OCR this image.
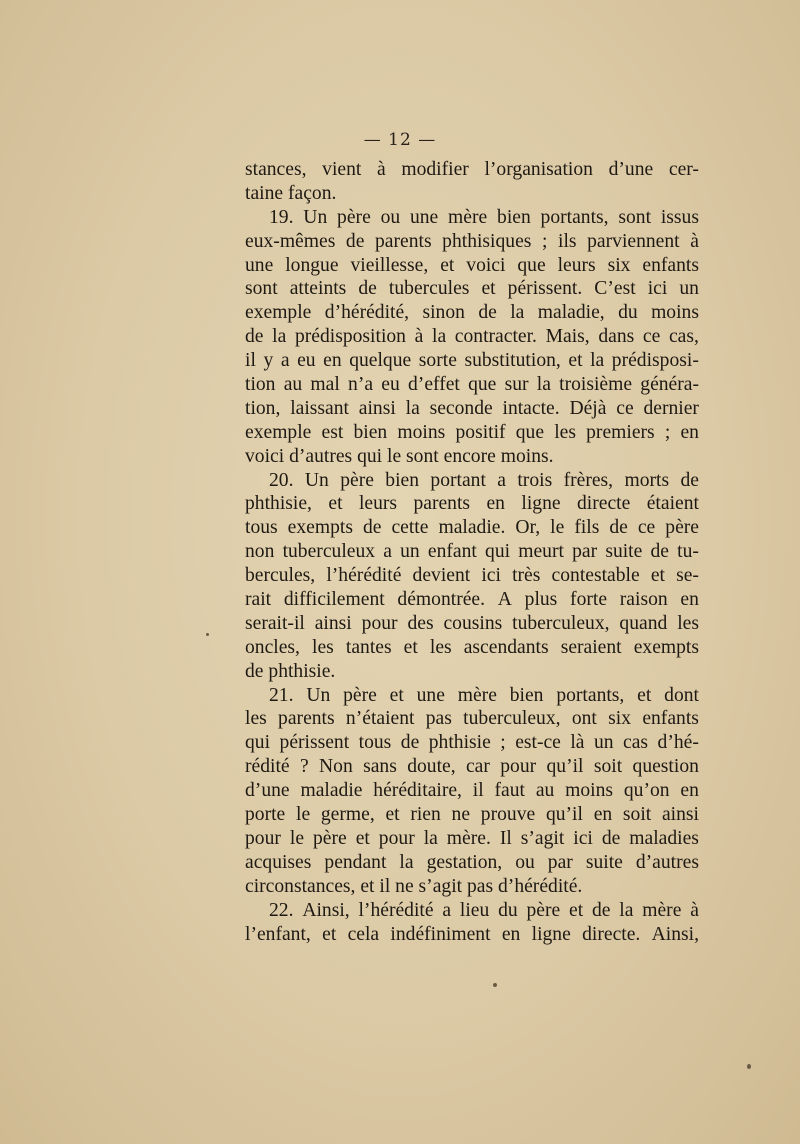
— 12 —
stances, vient à modifier l’organisation d’une cer-
taine façon.
19. Un père ou une mère bien portants, sont issus
eux-mêmes de parents phthisiques ; ils parviennent à
une longue vieillesse, et voici que leurs six enfants
sont atteints de tubercules et périssent. C’est ici un
exemple d’hérédité, sinon de la maladie, du moins
de la prédisposition à la contracter. Mais, dans ce cas,
il y a eu en quelque sorte substitution, et la prédisposi-
tion au mal n’a eu d’effet que sur la troisième généra-
tion, laissant ainsi la seconde intacte. Déjà ce dernier
exemple est bien moins positif que les premiers ; en
voici d’autres qui le sont encore moins.
20. Un père bien portant a trois frères, morts de
phthisie, et leurs parents en ligne directe étaient
tous exempts de cette maladie. Or, le fils de ce père
non tuberculeux a un enfant qui meurt par suite de tu-
bercules, l’hérédité devient ici très contestable et se-
rait difficilement démontrée. A plus forte raison en
serait-il ainsi pour des cousins tuberculeux, quand les
oncles, les tantes et les ascendants seraient exempts
de phthisie.
21. Un père et une mère bien portants, et dont
les parents n’étaient pas tuberculeux, ont six enfants
qui périssent tous de phthisie ; est-ce là un cas d’hé-
rédité ? Non sans doute, car pour qu’il soit question
d’une maladie héréditaire, il faut au moins qu’on en
porte le germe, et rien ne prouve qu’il en soit ainsi
pour le père et pour la mère. Il s’agit ici de maladies
acquises pendant la gestation, ou par suite d’autres
circonstances, et il ne s’agit pas d’hérédité.
22. Ainsi, l’hérédité a lieu du père et de la mère à
l’enfant, et cela indéfiniment en ligne directe. Ainsi,
